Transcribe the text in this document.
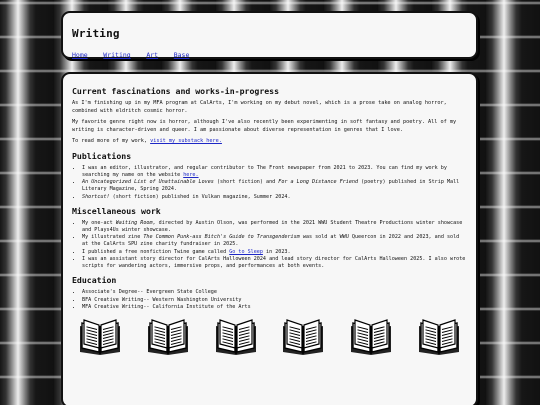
Writing
Home Writing Art Base
Current fascinations and works-in-progress

As I'm finishing up in my MFA program at CalArts, I'm working on my debut novel, which is a prose take on analog horror, combined with eldritch cosmic horror.

My favorite genre right now is horror, although I've also recently been experimenting in soft fantasy and poetry. All of my writing is character-driven and queer. I am passionate about diverse representation in genres that I love.

To read more of my work, visit my substack here.

Publications
• I was an editor, illustrator, and regular contributor to The Front newspaper from 2021 to 2023. You can find my work by searching my name on the website here.
• An Uncategorized List of Unattainable Loves (short fiction) and For a Long Distance Friend (poetry) published in Strip Mall Literary Magazine, Spring 2024.
• Shortcut! (short fiction) published in Vulkan magazine, Summer 2024.
Miscellaneous work
• My one-act Waiting Room, directed by Austin Olson, was performed in the 2021 WWU Student Theatre Productions winter showcase and Plays4Us winter showcase.
• My illustrated zine The Common Punk-ass Bitch's Guide to Transgenderism was sold at WWU Queercon in 2022 and 2023, and sold at the CalArts SPU zine charity fundraiser in 2025.
• I published a free nonfiction Twine game called Go to Sleep in 2023.
• I was an assistant story director for CalArts Halloween 2024 and lead story director for CalArts Halloween 2025. I also wrote scripts for wandering actors, immersive props, and performances at both events.
Education
• Associate's Degree-- Evergreen State College
• BFA Creative Writing-- Western Washington University
• MFA Creative Writing-- California Institute of the Arts
